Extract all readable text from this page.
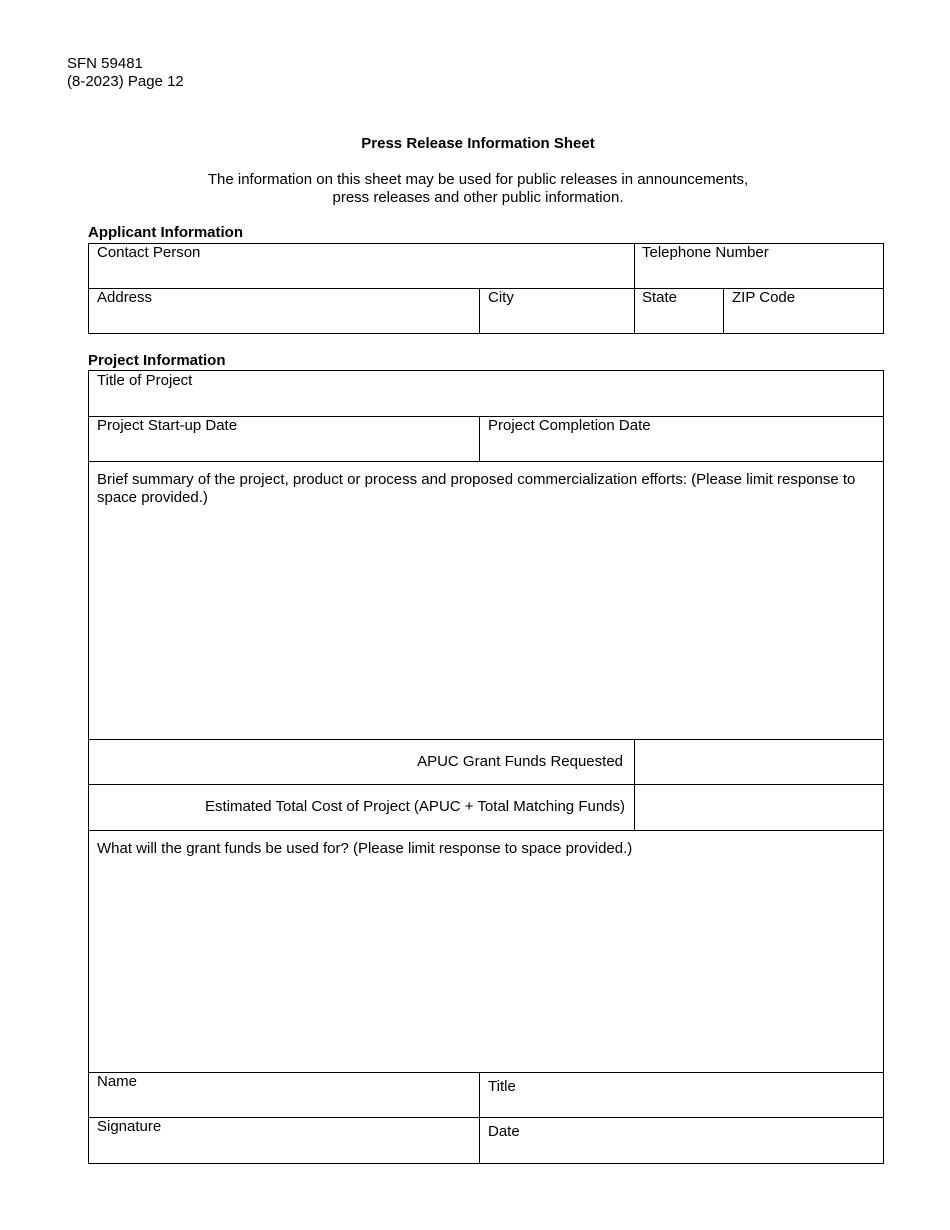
SFN 59481
(8-2023) Page 12
Press Release Information Sheet
The information on this sheet may be used for public releases in announcements,
press releases and other public information.
Applicant Information
Contact Person	Telephone Number
Address	City	State	ZIP Code
Project Information
Title of Project
Project Start-up Date	Project Completion Date
Brief summary of the project, product or process and proposed commercialization efforts: (Please limit response to space provided.)
APUC Grant Funds Requested
Estimated Total Cost of Project (APUC + Total Matching Funds)
What will the grant funds be used for? (Please limit response to space provided.)
Name	Title
Signature	Date
